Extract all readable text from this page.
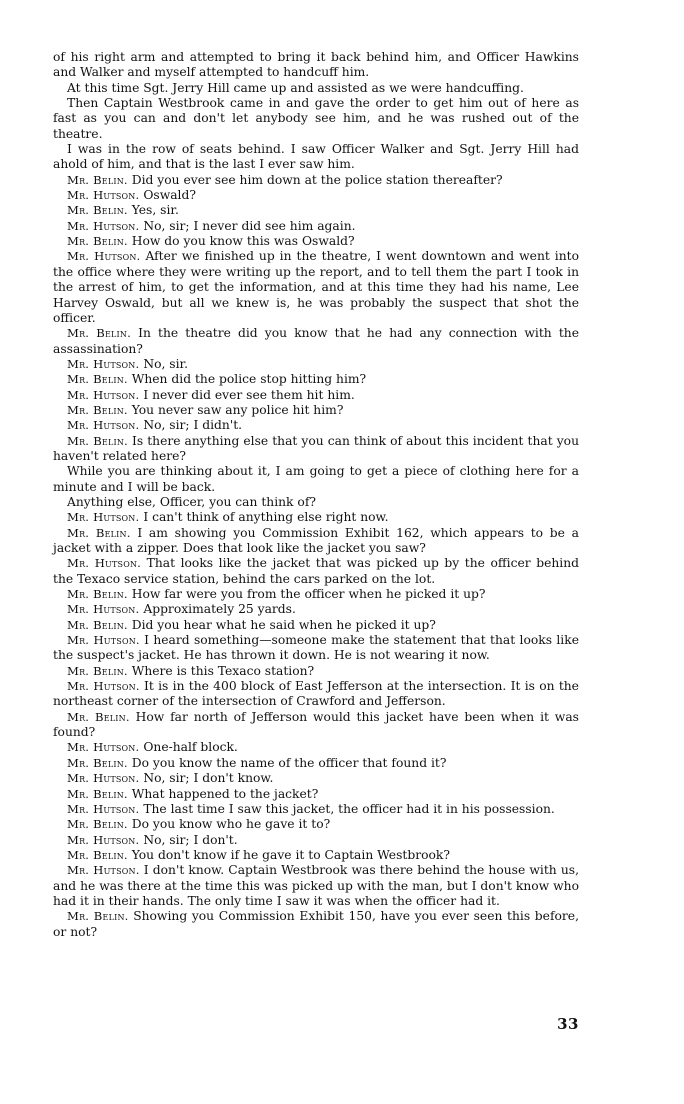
of his right arm and attempted to bring it back behind him, and Officer Hawkins and Walker and myself attempted to handcuff him.

At this time Sgt. Jerry Hill came up and assisted as we were handcuffing.

Then Captain Westbrook came in and gave the order to get him out of here as fast as you can and don't let anybody see him, and he was rushed out of the theatre.

I was in the row of seats behind. I saw Officer Walker and Sgt. Jerry Hill had ahold of him, and that is the last I ever saw him.

Mr. Belin. Did you ever see him down at the police station thereafter?

Mr. Hutson. Oswald?

Mr. Belin. Yes, sir.

Mr. Hutson. No, sir; I never did see him again.

Mr. Belin. How do you know this was Oswald?

Mr. Hutson. After we finished up in the theatre, I went downtown and went into the office where they were writing up the report, and to tell them the part I took in the arrest of him, to get the information, and at this time they had his name, Lee Harvey Oswald, but all we knew is, he was probably the suspect that shot the officer.

Mr. Belin. In the theatre did you know that he had any connection with the assassination?

Mr. Hutson. No, sir.

Mr. Belin. When did the police stop hitting him?

Mr. Hutson. I never did ever see them hit him.

Mr. Belin. You never saw any police hit him?

Mr. Hutson. No, sir; I didn't.

Mr. Belin. Is there anything else that you can think of about this incident that you haven't related here?

While you are thinking about it, I am going to get a piece of clothing here for a minute and I will be back.

Anything else, Officer, you can think of?

Mr. Hutson. I can't think of anything else right now.

Mr. Belin. I am showing you Commission Exhibit 162, which appears to be a jacket with a zipper. Does that look like the jacket you saw?

Mr. Hutson. That looks like the jacket that was picked up by the officer behind the Texaco service station, behind the cars parked on the lot.

Mr. Belin. How far were you from the officer when he picked it up?

Mr. Hutson. Approximately 25 yards.

Mr. Belin. Did you hear what he said when he picked it up?

Mr. Hutson. I heard something—someone make the statement that that looks like the suspect's jacket. He has thrown it down. He is not wearing it now.

Mr. Belin. Where is this Texaco station?

Mr. Hutson. It is in the 400 block of East Jefferson at the intersection. It is on the northeast corner of the intersection of Crawford and Jefferson.

Mr. Belin. How far north of Jefferson would this jacket have been when it was found?

Mr. Hutson. One-half block.

Mr. Belin. Do you know the name of the officer that found it?

Mr. Hutson. No, sir; I don't know.

Mr. Belin. What happened to the jacket?

Mr. Hutson. The last time I saw this jacket, the officer had it in his possession.

Mr. Belin. Do you know who he gave it to?

Mr. Hutson. No, sir; I don't.

Mr. Belin. You don't know if he gave it to Captain Westbrook?

Mr. Hutson. I don't know. Captain Westbrook was there behind the house with us, and he was there at the time this was picked up with the man, but I don't know who had it in their hands. The only time I saw it was when the officer had it.

Mr. Belin. Showing you Commission Exhibit 150, have you ever seen this before, or not?

33
